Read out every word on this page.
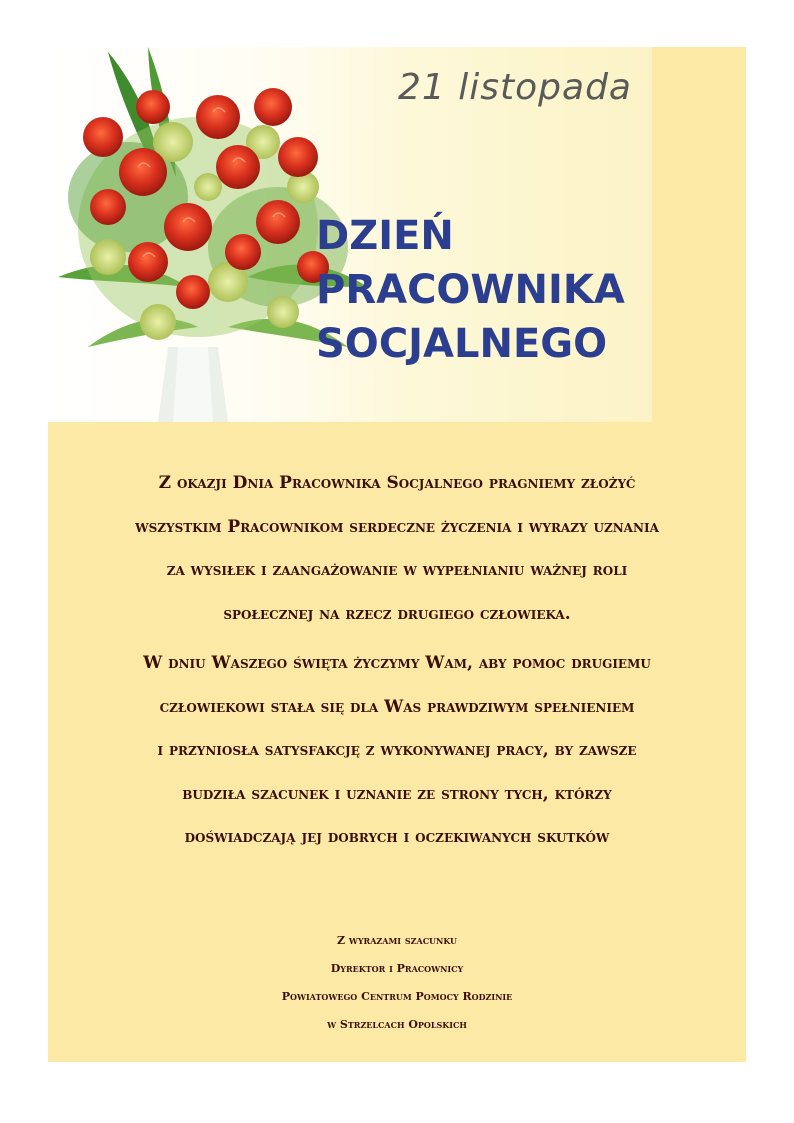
21 listopada
DZIEŃ
PRACOWNIKA
SOCJALNEGO
Z okazji Dnia Pracownika Socjalnego pragniemy złożyć
wszystkim Pracownikom serdeczne życzenia i wyrazy uznania
za wysiłek i zaangażowanie w wypełnianiu ważnej roli
społecznej na rzecz drugiego człowieka.
W dniu Waszego święta życzymy Wam, aby pomoc drugiemu
człowiekowi stała się dla Was prawdziwym spełnieniem
i przyniosła satysfakcję z wykonywanej pracy, by zawsze
budziła szacunek i uznanie ze strony tych, którzy
doświadczają jej dobrych i oczekiwanych skutków
Z wyrazami szacunku
Dyrektor i Pracownicy
Powiatowego Centrum Pomocy Rodzinie
w Strzelcach Opolskich
